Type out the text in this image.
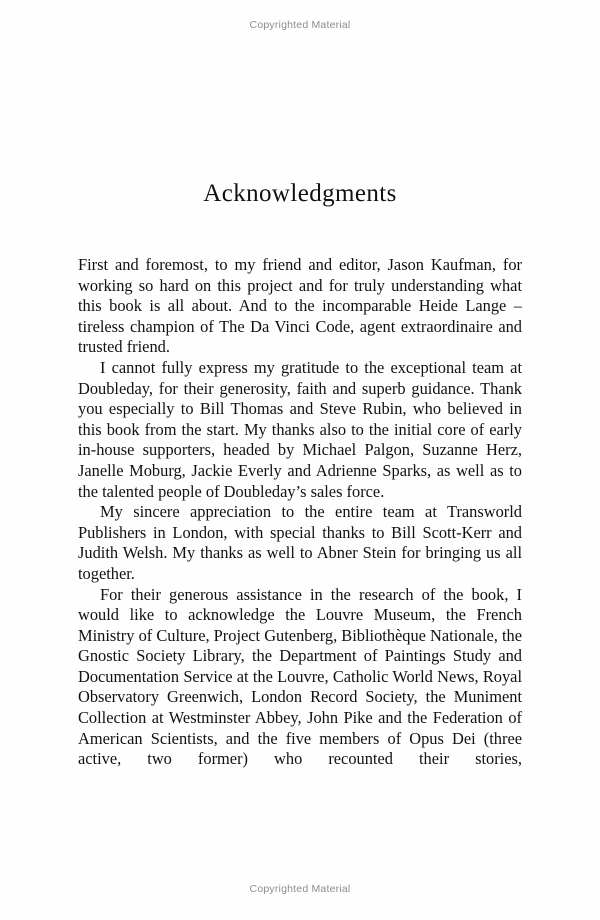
Copyrighted Material
Acknowledgments

First and foremost, to my friend and editor, Jason Kaufman, for working so hard on this project and for truly understanding what this book is all about. And to the incomparable Heide Lange – tireless champion of The Da Vinci Code, agent extraordinaire and trusted friend.

I cannot fully express my gratitude to the exceptional team at Doubleday, for their generosity, faith and superb guidance. Thank you especially to Bill Thomas and Steve Rubin, who believed in this book from the start. My thanks also to the initial core of early in-house supporters, headed by Michael Palgon, Suzanne Herz, Janelle Moburg, Jackie Everly and Adrienne Sparks, as well as to the talented people of Doubleday’s sales force.

My sincere appreciation to the entire team at Transworld Publishers in London, with special thanks to Bill Scott-Kerr and Judith Welsh. My thanks as well to Abner Stein for bringing us all together.

For their generous assistance in the research of the book, I would like to acknowledge the Louvre Museum, the French Ministry of Culture, Project Gutenberg, Bibliothèque Nationale, the Gnostic Society Library, the Department of Paintings Study and Documentation Service at the Louvre, Catholic World News, Royal Observatory Greenwich, London Record Society, the Muniment Collection at Westminster Abbey, John Pike and the Federation of American Scientists, and the five members of Opus Dei (three active, two former) who recounted their stories,

Copyrighted Material
